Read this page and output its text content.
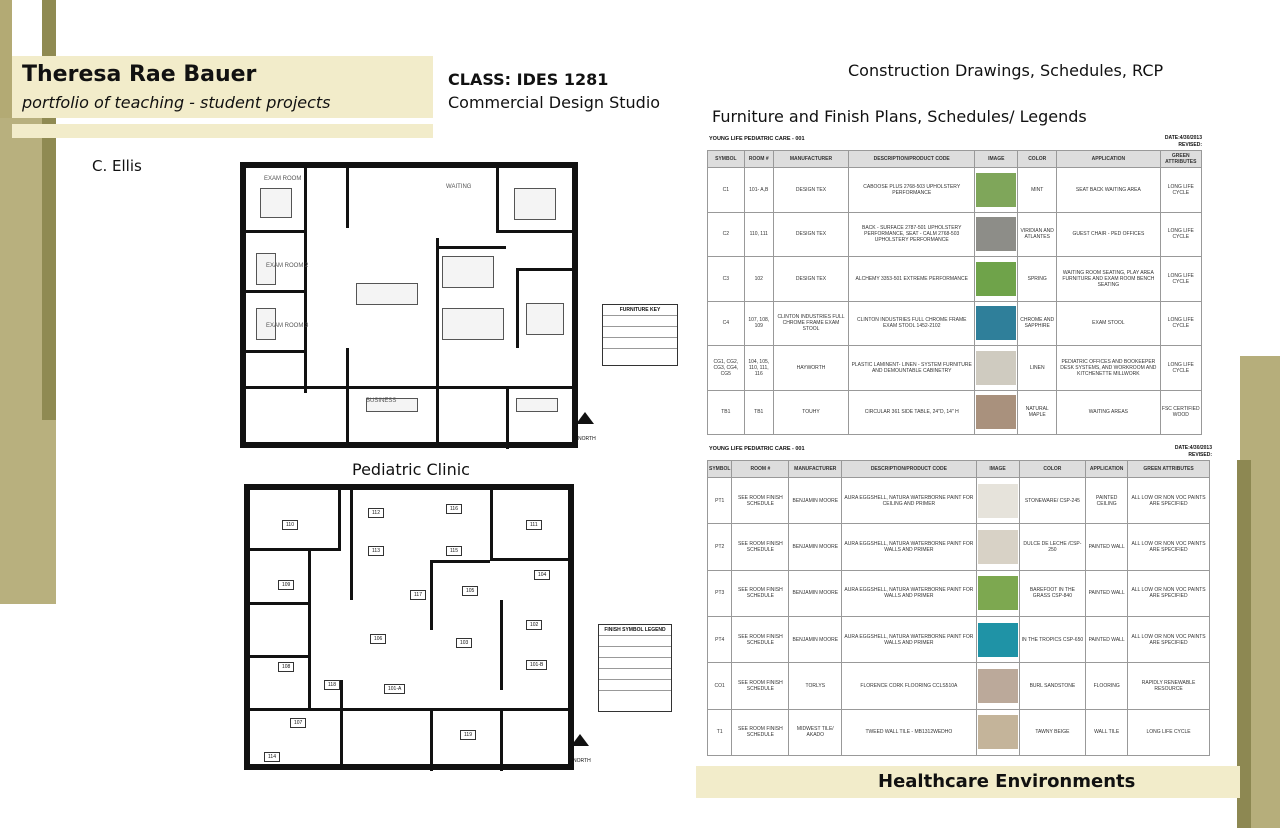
Theresa Rae Bauer
portfolio of teaching - student projects
CLASS: IDES 1281
Commercial Design Studio
Construction Drawings, Schedules, RCP
Furniture and Finish Plans, Schedules/ Legends
C. Ellis
Pediatric Clinic
EXAM ROOM
WAITING
EXAM ROOM 2
EXAM ROOM 3
BUSINESS
FURNITURE KEY
NORTH
110
112
116
111
113	115
109
117
105
104
102
106
103
101-B
108
118
101-A
107
114
119
FINISH SYMBOL LEGEND
NORTH
YOUNG LIFE PEDIATRIC CARE - 001	DATE:4/30/2013
REVISED:
SYMBOL	ROOM #	MANUFACTURER	DESCRIPTION/PRODUCT CODE	IMAGE	COLOR	APPLICATION	GREEN ATTRIBUTES
C1	101- A,B	DESIGN TEX	CABOOSE PLUS 2768-503 UPHOLSTERY PERFORMANCE		MINT	SEAT BACK WAITING AREA	LONG LIFE CYCLE
C2	110, 111	DESIGN TEX	BACK - SURFACE 2787-501 UPHOLSTERY PERFORMANCE, SEAT - CALM 2768-503 UPHOLSTERY PERFORMANCE		VIRIDIAN AND ATLANTES	GUEST CHAIR - PED OFFICES	LONG LIFE CYCLE
C3	102	DESIGN TEX	ALCHEMY 3353-501 EXTREME PERFORMANCE		SPRING	WAITING ROOM SEATING, PLAY AREA FURNITURE AND EXAM ROOM BENCH SEATING	LONG LIFE CYCLE
C4	107, 108, 109	CLINTON INDUSTRIES FULL CHROME FRAME EXAM STOOL	CLINTON INDUSTRIES FULL CHROME FRAME EXAM STOOL 1452-2102		CHROME AND SAPPHIRE	EXAM STOOL	LONG LIFE CYCLE
CG1, CG2, CG3, CG4, CG5	104, 105, 110, 111, 116	HAYWORTH	PLASTIC LAMINENT- LINEN - SYSTEM FURNITURE AND DEMOUNTABLE CABINETRY		LINEN	PEDIATRIC OFFICES AND BOOKEEPER DESK SYSTEMS, AND WORKROOM AND KITCHENETTE MILLWORK	LONG LIFE CYCLE
TB1	TB1	TOUHY	CIRCULAR 361 SIDE TABLE, 24"D, 14" H		NATURAL MAPLE	WAITING AREAS	FSC CERTIFIED WOOD
YOUNG LIFE PEDIATRIC CARE - 001	DATE:4/30/2013
REVISED:
SYMBOL	ROOM #	MANUFACTURER	DESCRIPTION/PRODUCT CODE	IMAGE	COLOR	APPLICATION	GREEN ATTRIBUTES
PT1	SEE ROOM FINISH SCHEDULE	BENJAMIN MOORE	AURA EGGSHELL, NATURA WATERBORNE PAINT FOR CEILING AND PRIMER		STONEWARE/ CSP-245	PAINTED CEILING	ALL LOW OR NON VOC PAINTS ARE SPECIFIED
PT2	SEE ROOM FINISH SCHEDULE	BENJAMIN MOORE	AURA EGGSHELL, NATURA WATERBORNE PAINT FOR WALLS AND PRIMER		DULCE DE LECHE /CSP-250	PAINTED WALL	ALL LOW OR NON VOC PAINTS ARE SPECIFIED
PT3	SEE ROOM FINISH SCHEDULE	BENJAMIN MOORE	AURA EGGSHELL, NATURA WATERBORNE PAINT FOR WALLS AND PRIMER		BAREFOOT IN THE GRASS CSP-840	PAINTED WALL	ALL LOW OR NON VOC PAINTS ARE SPECIFIED
PT4	SEE ROOM FINISH SCHEDULE	BENJAMIN MOORE	AURA EGGSHELL, NATURA WATERBORNE PAINT FOR WALLS AND PRIMER		IN THE TROPICS CSP-650	PAINTED WALL	ALL LOW OR NON VOC PAINTS ARE SPECIFIED
CO1	SEE ROOM FINISH SCHEDULE	TORLYS	FLORENCE CORK FLOORING CCLS510A		BURL SANDSTONE	FLOORING	RAPIDLY RENEWABLE RESOURCE
T1	SEE ROOM FINISH SCHEDULE	MIDWEST TILE/ AKADO	TWEED WALL TILE - MB1312WEDHO		TAWNY BEIGE	WALL TILE	LONG LIFE CYCLE
Healthcare Environments
